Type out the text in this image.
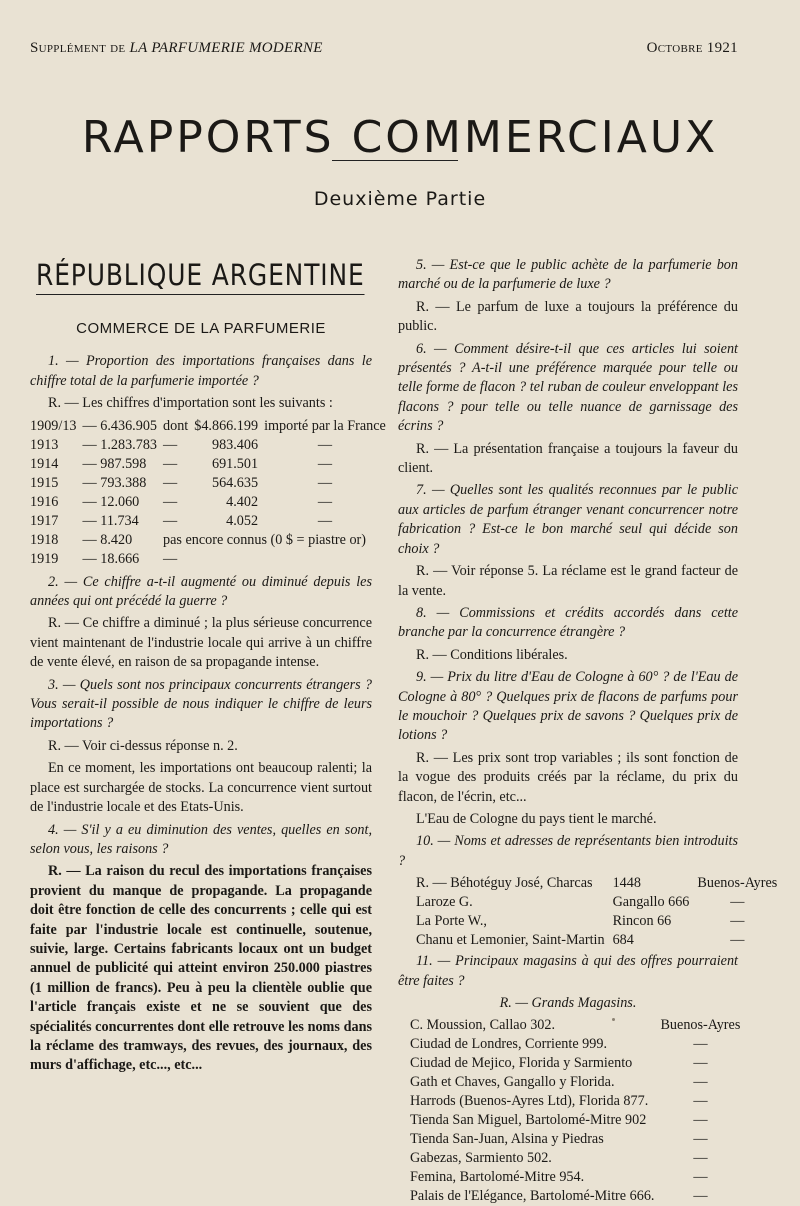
Supplément de LA PARFUMERIE MODERNE	Octobre 1921
RAPPORTS COMMERCIAUX
Deuxième Partie
RÉPUBLIQUE ARGENTINE
COMMERCE DE LA PARFUMERIE

1. — Proportion des importations françaises dans le chiffre total de la parfumerie importée ?

R. — Les chiffres d'importation sont les suivants :

1909/13	— 6.436.905	dont	$4.866.199	importé par la France
1913	— 1.283.783	—	983.406	—
1914	— 987.598	—	691.501	—
1915	— 793.388	—	564.635	—
1916	— 12.060	—	4.402	—
1917	— 11.734	—	4.052	—
1918	— 8.420	pas encore connus (0 $ = piastre or)		
1919	— 18.666	—		

2. — Ce chiffre a-t-il augmenté ou diminué depuis les années qui ont précédé la guerre ?

R. — Ce chiffre a diminué ; la plus sérieuse concurrence vient maintenant de l'industrie locale qui arrive à un chiffre de vente élevé, en raison de sa propagande intense.

3. — Quels sont nos principaux concurrents étrangers ? Vous serait-il possible de nous indiquer le chiffre de leurs importations ?

R. — Voir ci-dessus réponse n. 2.

En ce moment, les importations ont beaucoup ralenti; la place est surchargée de stocks. La concurrence vient surtout de l'industrie locale et des Etats-Unis.

4. — S'il y a eu diminution des ventes, quelles en sont, selon vous, les raisons ?

R. — La raison du recul des importations françaises provient du manque de propagande. La propagande doit être fonction de celle des concurrents ; celle qui est faite par l'industrie locale est continuelle, soutenue, suivie, large. Certains fabricants locaux ont un budget annuel de publicité qui atteint environ 250.000 piastres (1 million de francs). Peu à peu la clientèle oublie que l'article français existe et ne se souvient que des spécialités concurrentes dont elle retrouve les noms dans la réclame des tramways, des revues, des journaux, des murs d'affichage, etc..., etc...

5. — Est-ce que le public achète de la parfumerie bon marché ou de la parfumerie de luxe ?

R. — Le parfum de luxe a toujours la préférence du public.

6. — Comment désire-t-il que ces articles lui soient présentés ? A-t-il une préférence marquée pour telle ou telle forme de flacon ? tel ruban de couleur enveloppant les flacons ? pour telle ou telle nuance de garnissage des écrins ?

R. — La présentation française a toujours la faveur du client.

7. — Quelles sont les qualités reconnues par le public aux articles de parfum étranger venant concurrencer notre fabrication ? Est-ce le bon marché seul qui décide son choix ?

R. — Voir réponse 5. La réclame est le grand facteur de la vente.

8. — Commissions et crédits accordés dans cette branche par la concurrence étrangère ?

R. — Conditions libérales.

9. — Prix du litre d'Eau de Cologne à 60° ? de l'Eau de Cologne à 80° ? Quelques prix de flacons de parfums pour le mouchoir ? Quelques prix de savons ? Quelques prix de lotions ?

R. — Les prix sont trop variables ; ils sont fonction de la vogue des produits créés par la réclame, du prix du flacon, de l'écrin, etc...

L'Eau de Cologne du pays tient le marché.

10. — Noms et adresses de représentants bien introduits ?

R. — Béhotéguy José, Charcas	1448	Buenos-Ayres
Laroze G.	Gangallo 666	—
La Porte W.,	Rincon 66	—
Chanu et Lemonier, Saint-Martin	684	—

11. — Principaux magasins à qui des offres pourraient être faites ?

R. — Grands Magasins.

C. Moussion, Callao 302.	Buenos-Ayres
Ciudad de Londres, Corriente 999.	—
Ciudad de Mejico, Florida y Sarmiento	—
Gath et Chaves, Gangallo y Florida.	—
Harrods (Buenos-Ayres Ltd), Florida 877.	—
Tienda San Miguel, Bartolomé-Mitre 902	—
Tienda San-Juan, Alsina y Piedras	—
Gabezas, Sarmiento 502.	—
Femina, Bartolomé-Mitre 954.	—
Palais de l'Elégance, Bartolomé-Mitre 666.	—
